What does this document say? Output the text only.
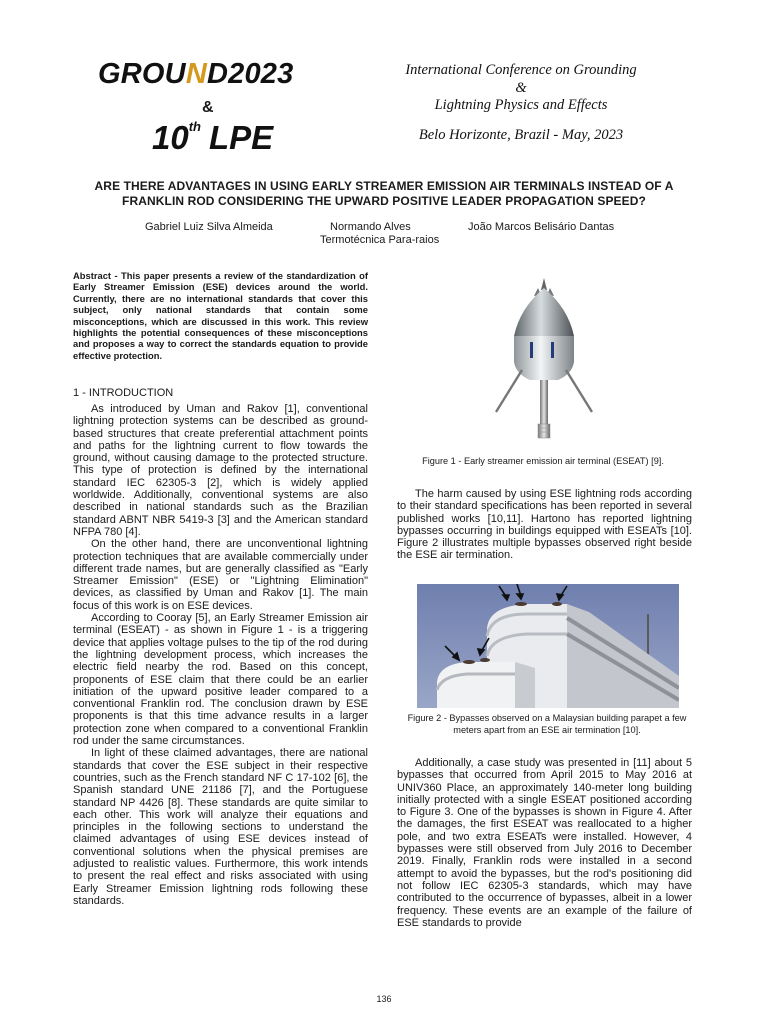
GROUND2023
&
10th LPE
International Conference on Grounding
&
Lightning Physics and Effects
Belo Horizonte, Brazil - May, 2023
ARE THERE ADVANTAGES IN USING EARLY STREAMER EMISSION AIR TERMINALS INSTEAD OF A
FRANKLIN ROD CONSIDERING THE UPWARD POSITIVE LEADER PROPAGATION SPEED?
Gabriel Luiz Silva Almeida	Normando Alves	João Marcos Belisário Dantas
Termotécnica Para-raios
Abstract - This paper presents a review of the standardization of Early Streamer Emission (ESE) devices around the world. Currently, there are no international standards that cover this subject, only national standards that contain some misconceptions, which are discussed in this work. This review highlights the potential consequences of these misconceptions and proposes a way to correct the standards equation to provide effective protection.
1 - INTRODUCTION

As introduced by Uman and Rakov [1], conventional lightning protection systems can be described as ground-based structures that create preferential attachment points and paths for the lightning current to flow towards the ground, without causing damage to the protected structure. This type of protection is defined by the international standard IEC 62305-3 [2], which is widely applied worldwide. Additionally, conventional systems are also described in national standards such as the Brazilian standard ABNT NBR 5419-3 [3] and the American standard NFPA 780 [4].

On the other hand, there are unconventional lightning protection techniques that are available commercially under different trade names, but are generally classified as "Early Streamer Emission" (ESE) or "Lightning Elimination" devices, as classified by Uman and Rakov [1]. The main focus of this work is on ESE devices.

According to Cooray [5], an Early Streamer Emission air terminal (ESEAT) - as shown in Figure 1 - is a triggering device that applies voltage pulses to the tip of the rod during the lightning development process, which increases the electric field nearby the rod. Based on this concept, proponents of ESE claim that there could be an earlier initiation of the upward positive leader compared to a conventional Franklin rod. The conclusion drawn by ESE proponents is that this time advance results in a larger protection zone when compared to a conventional Franklin rod under the same circumstances.

In light of these claimed advantages, there are national standards that cover the ESE subject in their respective countries, such as the French standard NF C 17-102 [6], the Spanish standard UNE 21186 [7], and the Portuguese standard NP 4426 [8]. These standards are quite similar to each other. This work will analyze their equations and principles in the following sections to understand the claimed advantages of using ESE devices instead of conventional solutions when the physical premises are adjusted to realistic values. Furthermore, this work intends to present the real effect and risks associated with using Early Streamer Emission lightning rods following these standards.

Figure 1 - Early streamer emission air terminal (ESEAT) [9].

The harm caused by using ESE lightning rods according to their standard specifications has been reported in several published works [10,11]. Hartono has reported lightning bypasses occurring in buildings equipped with ESEATs [10]. Figure 2 illustrates multiple bypasses observed right beside the ESE air termination.

Figure 2 - Bypasses observed on a Malaysian building parapet a few meters apart from an ESE air termination [10].

Additionally, a case study was presented in [11] about 5 bypasses that occurred from April 2015 to May 2016 at UNIV360 Place, an approximately 140-meter long building initially protected with a single ESEAT positioned according to Figure 3. One of the bypasses is shown in Figure 4. After the damages, the first ESEAT was reallocated to a higher pole, and two extra ESEATs were installed. However, 4 bypasses were still observed from July 2016 to December 2019. Finally, Franklin rods were installed in a second attempt to avoid the bypasses, but the rod's positioning did not follow IEC 62305-3 standards, which may have contributed to the occurrence of bypasses, albeit in a lower frequency. These events are an example of the failure of ESE standards to provide

136
